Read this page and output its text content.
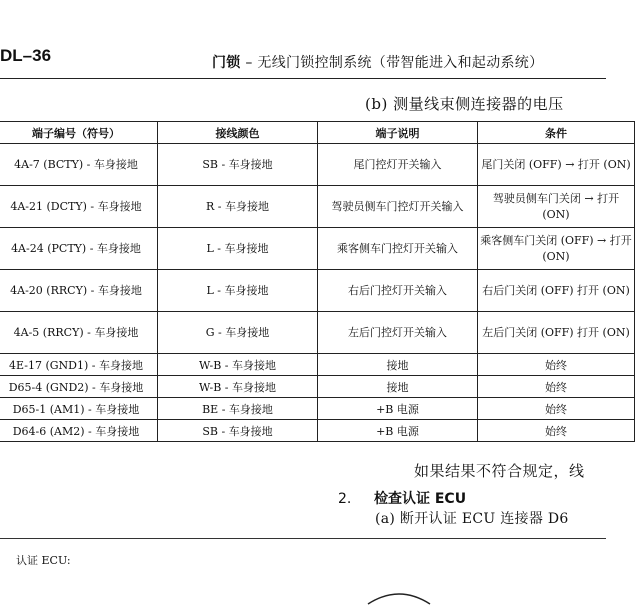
DL–36	门锁 – 无线门锁控制系统（带智能进入和起动系统）
(b) 测量线束侧连接器的电压
端子编号（符号）	接线颜色	端子说明	条件
4A-7 (BCTY) - 车身接地	SB - 车身接地	尾门控灯开关输入	尾门关闭 (OFF) → 打开 (ON)
4A-21 (DCTY) - 车身接地	R - 车身接地	驾驶员侧车门控灯开关输入	驾驶员侧车门关闭 → 打开 (ON)
4A-24 (PCTY) - 车身接地	L - 车身接地	乘客侧车门控灯开关输入	乘客侧车门关闭 (OFF) → 打开 (ON)
4A-20 (RRCY) - 车身接地	L - 车身接地	右后门控灯开关输入	右后门关闭 (OFF) 打开 (ON)
4A-5 (RRCY) - 车身接地	G - 车身接地	左后门控灯开关输入	左后门关闭 (OFF) 打开 (ON)
4E-17 (GND1) - 车身接地	W-B - 车身接地	接地	始终
D65-4 (GND2) - 车身接地	W-B - 车身接地	接地	始终
D65-1 (AM1) - 车身接地	BE - 车身接地	+B 电源	始终
D64-6 (AM2) - 车身接地	SB - 车身接地	+B 电源	始终
如果结果不符合规定，线
2. 检查认证 ECU
(a) 断开认证 ECU 连接器 D6
认证 ECU:
